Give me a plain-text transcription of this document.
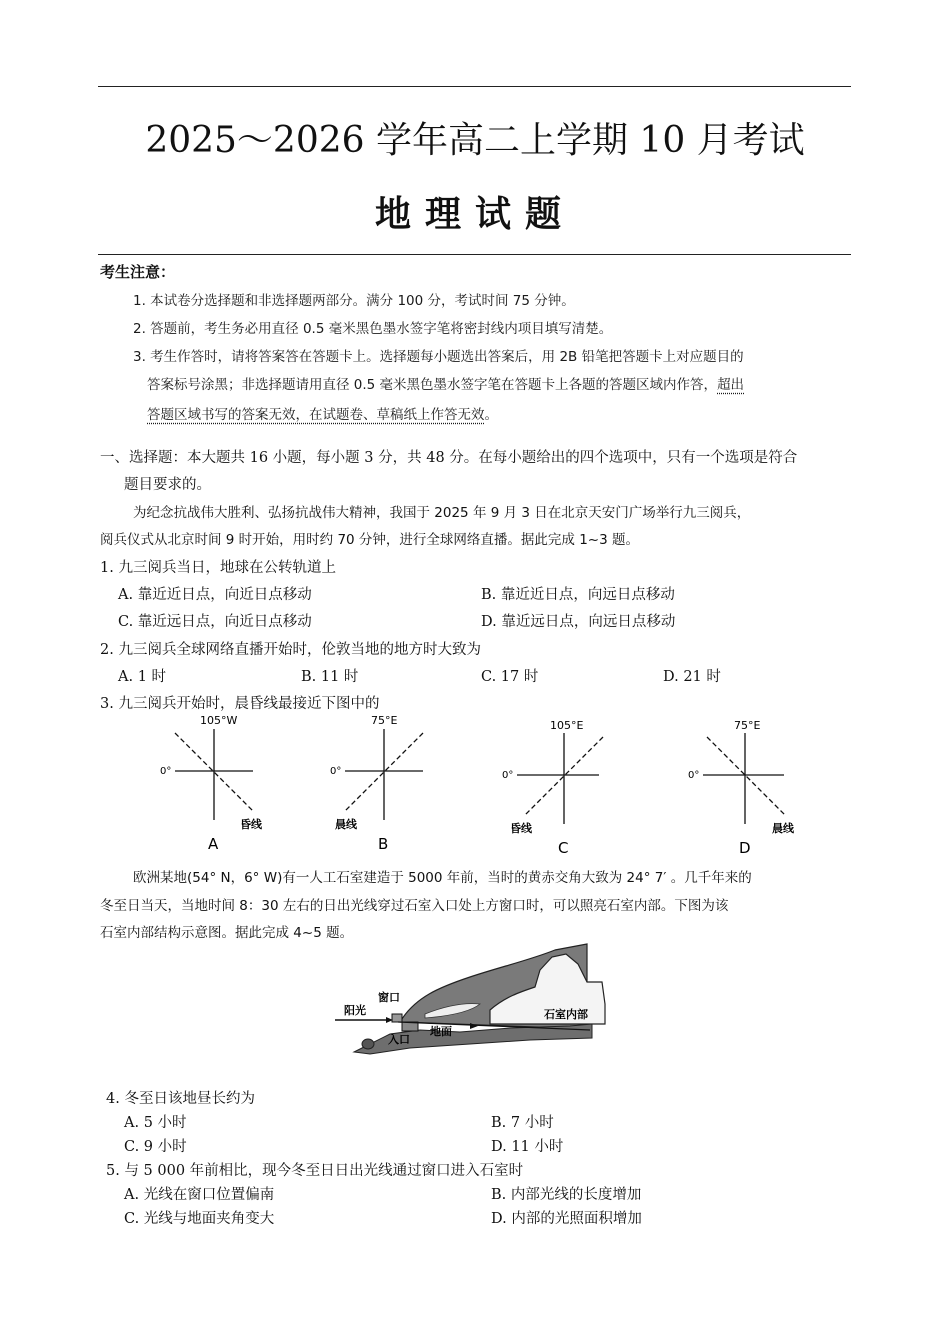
2025～2026 学年高二上学期 10 月考试
地理试题
考生注意：
1. 本试卷分选择题和非选择题两部分。满分 100 分，考试时间 75 分钟。
2. 答题前，考生务必用直径 0.5 毫米黑色墨水签字笔将密封线内项目填写清楚。
3. 考生作答时，请将答案答在答题卡上。选择题每小题选出答案后，用 2B 铅笔把答题卡上对应题目的
答案标号涂黑；非选择题请用直径 0.5 毫米黑色墨水签字笔在答题卡上各题的答题区域内作答，超出
答题区域书写的答案无效，在试题卷、草稿纸上作答无效。
一、选择题：本大题共 16 小题，每小题 3 分，共 48 分。在每小题给出的四个选项中，只有一个选项是符合
题目要求的。
为纪念抗战伟大胜利、弘扬抗战伟大精神，我国于 2025 年 9 月 3 日在北京天安门广场举行九三阅兵，
阅兵仪式从北京时间 9 时开始，用时约 70 分钟，进行全球网络直播。据此完成 1~3 题。
1. 九三阅兵当日，地球在公转轨道上
A. 靠近近日点，向近日点移动	B. 靠近近日点，向远日点移动
C. 靠近远日点，向近日点移动	D. 靠近远日点，向远日点移动
2. 九三阅兵全球网络直播开始时，伦敦当地的地方时大致为
A. 1 时	B. 11 时	C. 17 时	D. 21 时
3. 九三阅兵开始时，晨昏线最接近下图中的
105°W
0°
昏线
A
75°E
0°
晨线
B
105°E
0°
昏线
C
75°E
0°
晨线
D
欧洲某地(54° N，6° W)有一人工石室建造于 5000 年前，当时的黄赤交角大致为 24° 7′ 。几千年来的
冬至日当天，当地时间 8：30 左右的日出光线穿过石室入口处上方窗口时，可以照亮石室内部。下图为该
石室内部结构示意图。据此完成 4~5 题。
阳光
窗口
入口
地面
石室内部
4. 冬至日该地昼长约为
A. 5 小时	B. 7 小时
C. 9 小时	D. 11 小时
5. 与 5 000 年前相比，现今冬至日日出光线通过窗口进入石室时
A. 光线在窗口位置偏南	B. 内部光线的长度增加
C. 光线与地面夹角变大	D. 内部的光照面积增加
